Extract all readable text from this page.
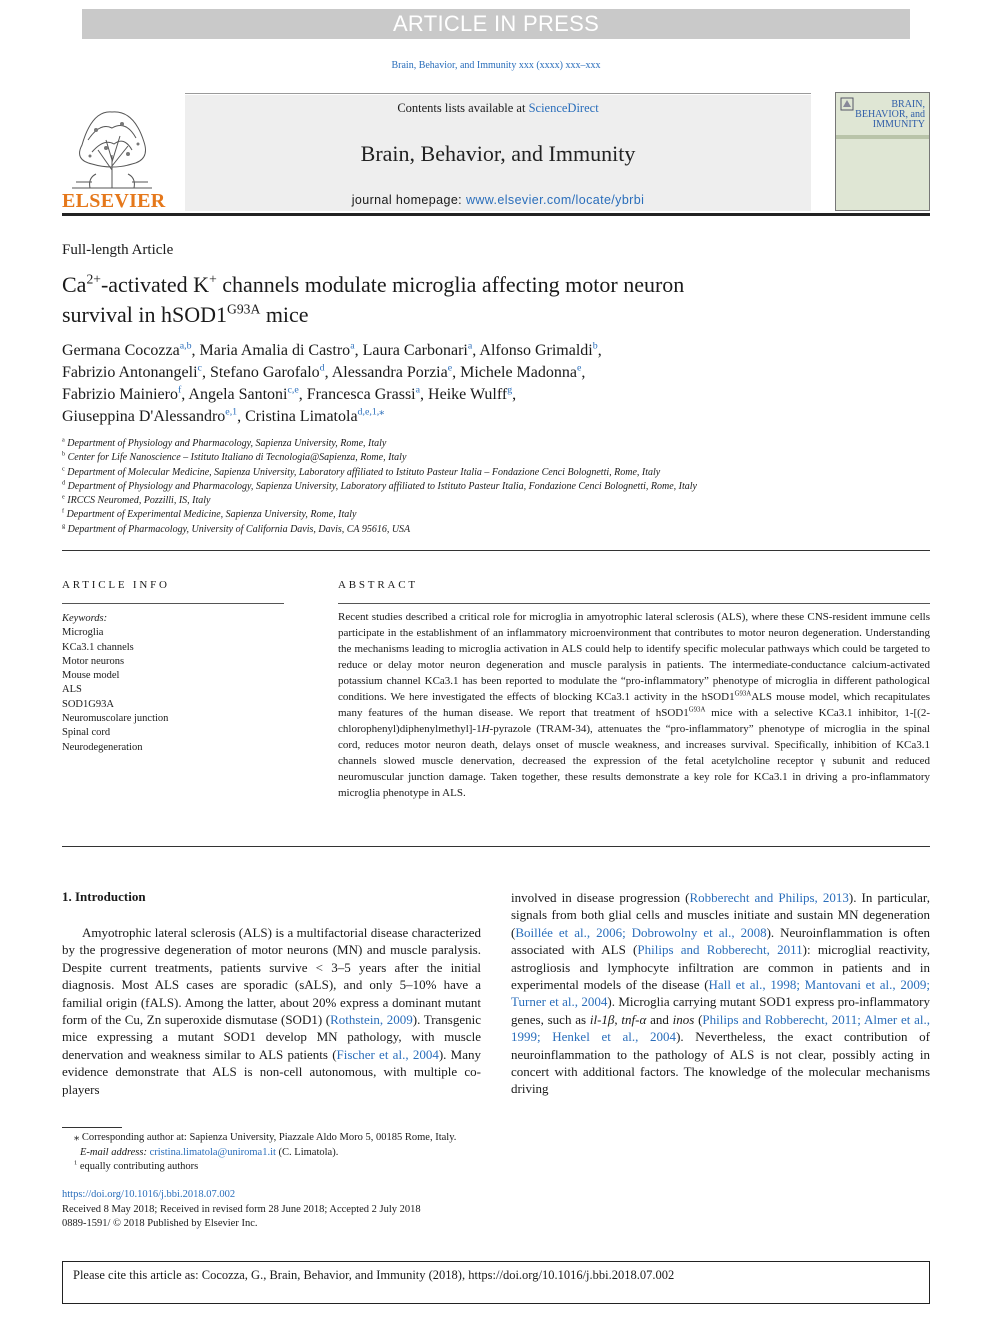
ARTICLE IN PRESS
Brain, Behavior, and Immunity xxx (xxxx) xxx–xxx
ELSEVIER
Contents lists available at ScienceDirect
Brain, Behavior, and Immunity
journal homepage: www.elsevier.com/locate/ybrbi
BRAIN, BEHAVIOR, and IMMUNITY
Full-length Article
$Ca^{2+}$-activated K+ channels modulate microglia affecting motor neuron
survival in $hSOD1^{G93A}$ mice
Germana Cocozza$^{a,b}$, Maria Amalia di Castro$^a$, Laura Carbonari$^a$, Alfonso Grimaldi$^b$,
Fabrizio Antonangeli$^c$, Stefano Garofalo$^d$, Alessandra Porzia$^e$, Michele Madonna$^e$,
Fabrizio Mainiero$^f$, Angela Santoni$^{c,e}$, Francesca Grassi$^a$, Heike Wulff$^g$,
Giuseppina D'Alessandro$^{e,1}$, Cristina Limatola$^{d,e,1,⁎}$
$^a$ Department of Physiology and Pharmacology, Sapienza University, Rome, Italy
$^b$ Center for Life Nanoscience – Istituto Italiano di Tecnologia@Sapienza, Rome, Italy
$^c$ Department of Molecular Medicine, Sapienza University, Laboratory affiliated to Istituto Pasteur Italia – Fondazione Cenci Bolognetti, Rome, Italy
$^d$ Department of Physiology and Pharmacology, Sapienza University, Laboratory affiliated to Istituto Pasteur Italia, Fondazione Cenci Bolognetti, Rome, Italy
$^e$ IRCCS Neuromed, Pozzilli, IS, Italy
$^f$ Department of Experimental Medicine, Sapienza University, Rome, Italy
$^g$ Department of Pharmacology, University of California Davis, Davis, CA 95616, USA
ARTICLE INFO	ABSTRACT
Keywords:
Microglia
KCa3.1 channels
Motor neurons
Mouse model
ALS
SOD1G93A
Neuromuscolare junction
Spinal cord
Neurodegeneration
Recent studies described a critical role for microglia in amyotrophic lateral sclerosis (ALS), where these CNS-resident immune cells participate in the establishment of an inflammatory microenvironment that contributes to motor neuron degeneration. Understanding the mechanisms leading to microglia activation in ALS could help to identify specific molecular pathways which could be targeted to reduce or delay motor neuron degeneration and muscle paralysis in patients. The intermediate-conductance calcium-activated potassium channel KCa3.1 has been reported to modulate the “pro-inflammatory” phenotype of microglia in different pathological conditions. We here investigated the effects of blocking KCa3.1 activity in the $hSOD1^{G93A}ALS$ mouse model, which recapitulates many features of the human disease. We report that treatment of $hSOD1^{G93A}$ mice with a selective KCa3.1 inhibitor, 1-[(2-chlorophenyl)diphenylmethyl]-1H-pyrazole (TRAM-34), attenuates the “pro-inflammatory” phenotype of microglia in the spinal cord, reduces motor neuron death, delays onset of muscle weakness, and increases survival. Specifically, inhibition of KCa3.1 channels slowed muscle denervation, decreased the expression of the fetal acetylcholine receptor γ subunit and reduced neuromuscular junction damage. Taken together, these results demonstrate a key role for KCa3.1 in driving a pro-inflammatory microglia phenotype in ALS.
1. Introduction

Amyotrophic lateral sclerosis (ALS) is a multifactorial disease characterized by the progressive degeneration of motor neurons (MN) and muscle paralysis. Despite current treatments, patients survive < 3–5 years after the initial diagnosis. Most ALS cases are sporadic (sALS), and only 5–10% have a familial origin (fALS). Among the latter, about 20% express a dominant mutant form of the Cu, Zn superoxide dismutase (SOD1) (Rothstein, 2009). Transgenic mice expressing a mutant SOD1 develop MN pathology, with muscle denervation and weakness similar to ALS patients (Fischer et al., 2004). Many evidence demonstrate that ALS is non-cell autonomous, with multiple co-players

involved in disease progression (Robberecht and Philips, 2013). In particular, signals from both glial cells and muscles initiate and sustain MN degeneration (Boillée et al., 2006; Dobrowolny et al., 2008). Neuroinflammation is often associated with ALS (Philips and Robberecht, 2011): microglial reactivity, astrogliosis and lymphocyte infiltration are common in patients and in experimental models of the disease (Hall et al., 1998; Mantovani et al., 2009; Turner et al., 2004). Microglia carrying mutant SOD1 express pro-inflammatory genes, such as il-1β, tnf-α and inos (Philips and Robberecht, 2011; Almer et al., 1999; Henkel et al., 2004). Nevertheless, the exact contribution of neuroinflammation to the pathology of ALS is not clear, possibly acting in concert with additional factors. The knowledge of the molecular mechanisms driving

⁎ Corresponding author at: Sapienza University, Piazzale Aldo Moro 5, 00185 Rome, Italy.
E-mail address: cristina.limatola@uniroma1.it (C. Limatola).
$^1$ equally contributing authors
https://doi.org/10.1016/j.bbi.2018.07.002
Received 8 May 2018; Received in revised form 28 June 2018; Accepted 2 July 2018
0889-1591/ © 2018 Published by Elsevier Inc.
Please cite this article as: Cocozza, G., Brain, Behavior, and Immunity (2018), https://doi.org/10.1016/j.bbi.2018.07.002
